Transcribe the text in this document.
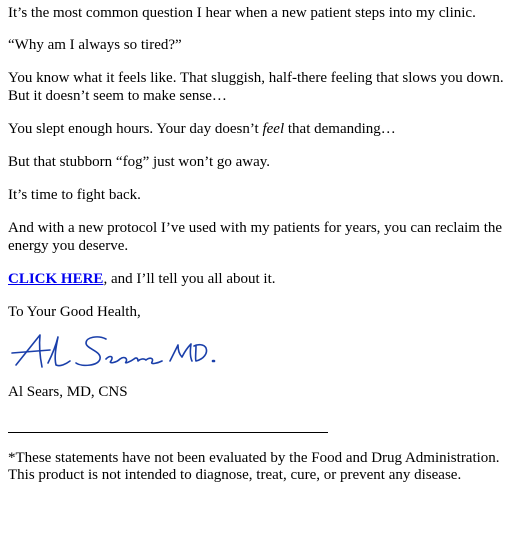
It’s the most common question I hear when a new patient steps into my clinic.

“Why am I always so tired?”

You know what it feels like. That sluggish, half-there feeling that slows you down. But it doesn’t seem to make sense…

You slept enough hours. Your day doesn’t feel that demanding…

But that stubborn “fog” just won’t go away.

It’s time to fight back.

And with a new protocol I’ve used with my patients for years, you can reclaim the energy you deserve.

CLICK HERE, and I’ll tell you all about it.

To Your Good Health,

Al Sears, MD, CNS

*These statements have not been evaluated by the Food and Drug Administration.

This product is not intended to diagnose, treat, cure, or prevent any disease.
